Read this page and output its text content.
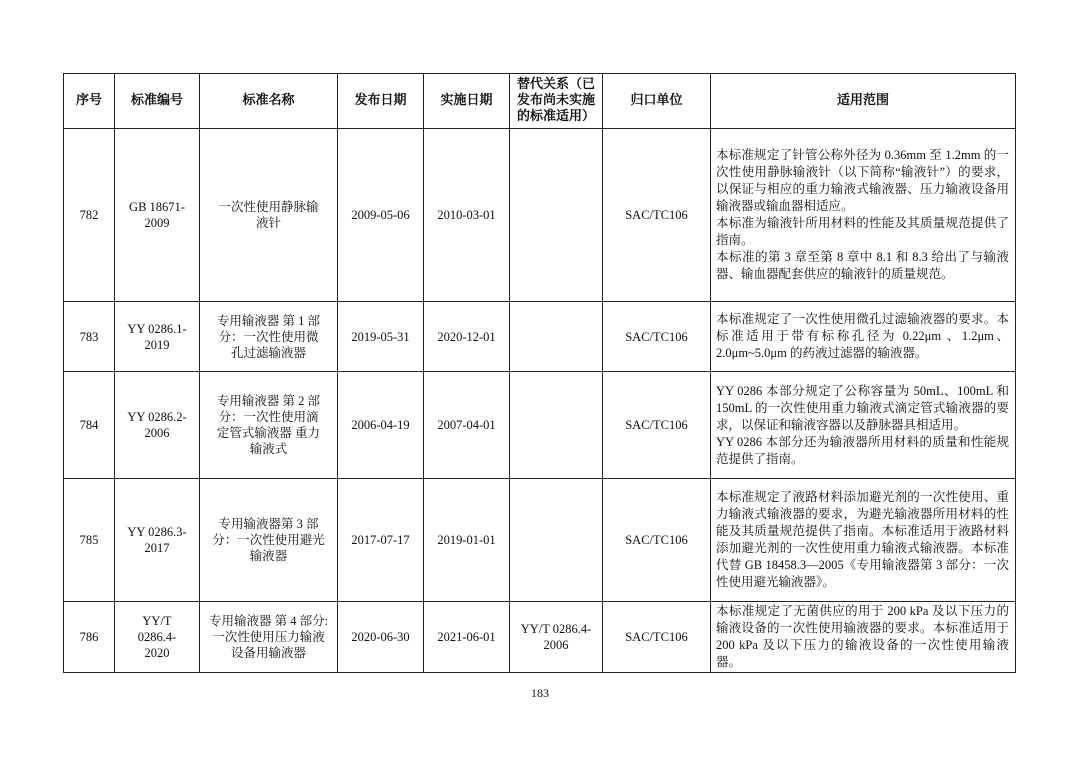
序号	标准编号	标准名称	发布日期	实施日期	替代关系（已发布尚未实施的标准适用）	归口单位	适用范围
782	GB 18671-2009	一次性使用静脉输液针	2009-05-06	2010-03-01		SAC/TC106	本标准规定了针管公称外径为 0.36mm 至 1.2mm 的一次性使用静脉输液针（以下简称“输液针”）的要求，以保证与相应的重力输液式输液器、压力输液设备用输液器或输血器相适应。
本标准为输液针所用材料的性能及其质量规范提供了指南。
本标准的第 3 章至第 8 章中 8.1 和 8.3 给出了与输液器、输血器配套供应的输液针的质量规范。

783	YY 0286.1-2019	专用输液器 第 1 部分：一次性使用微孔过滤输液器	2019-05-31	2020-12-01		SAC/TC106	本标准规定了一次性使用微孔过滤输液器的要求。本标准适用于带有标称孔径为 0.22μm 、1.2μm、2.0μm~5.0μm 的药液过滤器的输液器。

784	YY 0286.2-2006	专用输液器 第 2 部分：一次性使用滴定管式输液器 重力输液式	2006-04-19	2007-04-01		SAC/TC106	YY 0286 本部分规定了公称容量为 50mL、100mL 和 150mL 的一次性使用重力输液式滴定管式输液器的要求，以保证和输液容器以及静脉器具相适用。
YY 0286 本部分还为输液器所用材料的质量和性能规范提供了指南。

785	YY 0286.3-2017	专用输液器第 3 部分：一次性使用避光输液器	2017-07-17	2019-01-01		SAC/TC106	本标准规定了液路材料添加避光剂的一次性使用、重力输液式输液器的要求，为避光输液器所用材料的性能及其质量规范提供了指南。本标准适用于液路材料添加避光剂的一次性使用重力输液式输液器。本标准代替 GB 18458.3—2005《专用输液器第 3 部分：一次性使用避光输液器》。

786	YY/T 0286.4-2020	专用输液器 第 4 部分: 一次性使用压力输液设备用输液器	2020-06-30	2021-06-01	YY/T 0286.4-2006	SAC/TC106	本标准规定了无菌供应的用于 200 kPa 及以下压力的输液设备的一次性使用输液器的要求。本标准适用于 200 kPa 及以下压力的输液设备的一次性使用输液器。
183
